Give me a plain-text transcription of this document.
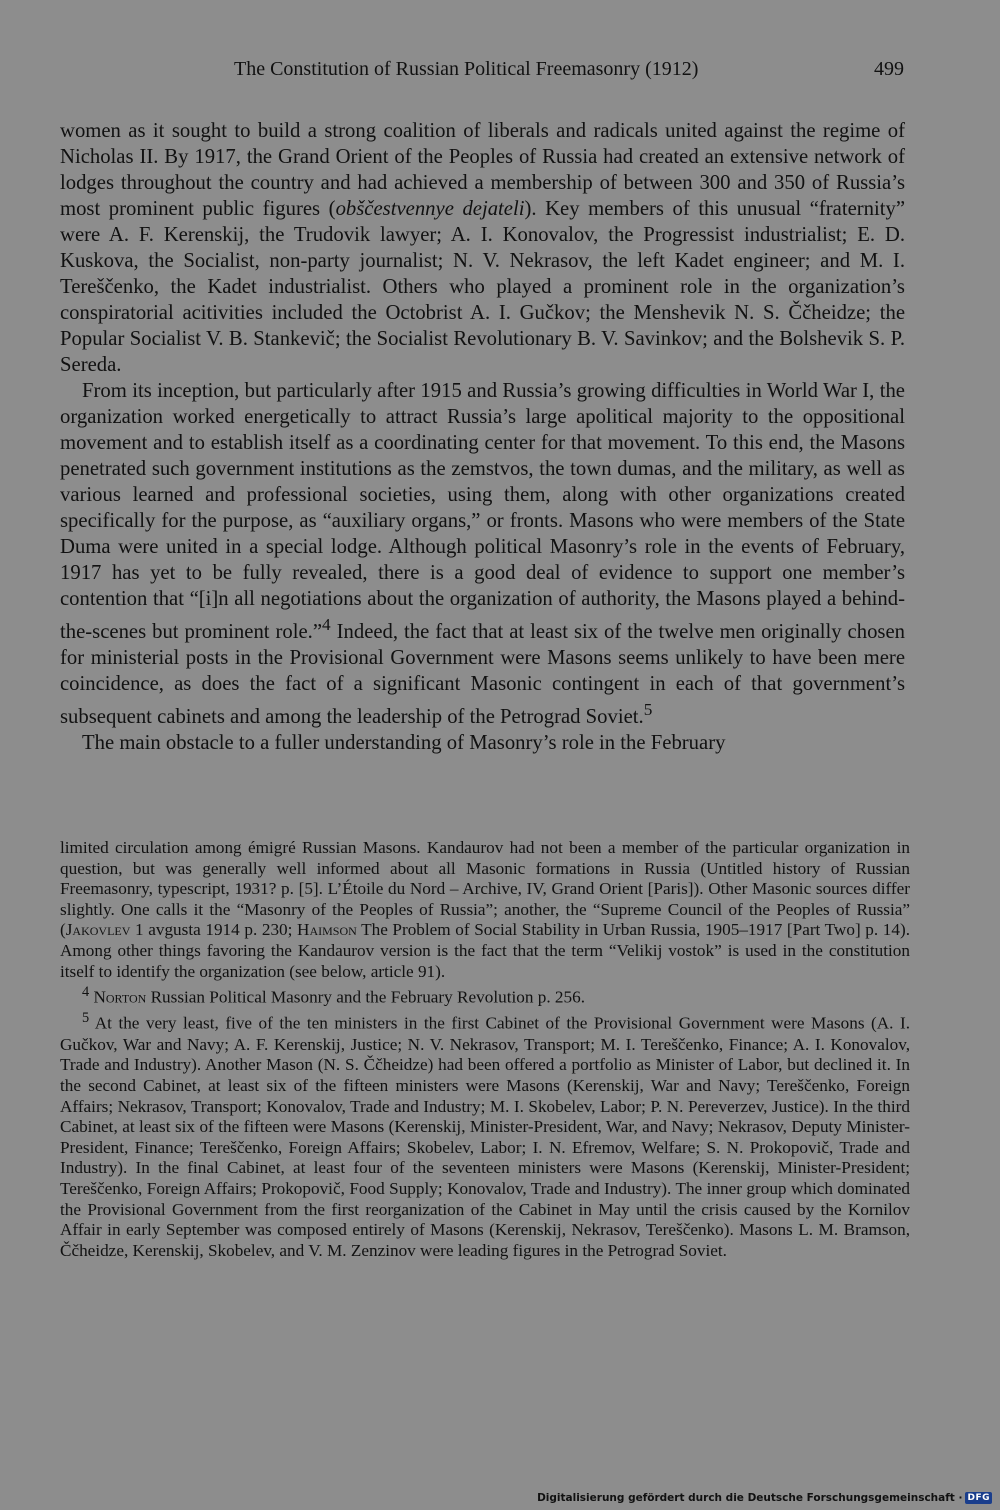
The Constitution of Russian Political Freemasonry (1912)	499

women as it sought to build a strong coalition of liberals and radicals united against the regime of Nicholas II. By 1917, the Grand Orient of the Peoples of Russia had created an extensive network of lodges throughout the country and had achieved a membership of between 300 and 350 of Russia’s most prominent public figures (obščestvennye dejateli). Key members of this unusual “fraternity” were A. F. Kerenskij, the Trudovik lawyer; A. I. Konovalov, the Progressist industrialist; E. D. Kuskova, the Socialist, non-party journalist; N. V. Nekrasov, the left Kadet engineer; and M. I. Tereščenko, the Kadet industrialist. Others who played a prominent role in the organization’s conspiratorial acitivities included the Octobrist A. I. Gučkov; the Menshevik N. S. Ččheidze; the Popular Socialist V. B. Stankevič; the Socialist Revolutionary B. V. Savinkov; and the Bolshevik S. P. Sereda.

From its inception, but particularly after 1915 and Russia’s growing difficulties in World War I, the organization worked energetically to attract Russia’s large apolitical majority to the oppositional movement and to establish itself as a coordinating center for that movement. To this end, the Masons penetrated such government institutions as the zemstvos, the town dumas, and the military, as well as various learned and professional societies, using them, along with other organizations created specifically for the purpose, as “auxiliary organs,” or fronts. Masons who were members of the State Duma were united in a special lodge. Although political Masonry’s role in the events of February, 1917 has yet to be fully revealed, there is a good deal of evidence to support one member’s contention that “[i]n all negotiations about the organization of authority, the Masons played a behind-the-scenes but prominent role.”$^4$ Indeed, the fact that at least six of the twelve men originally chosen for ministerial posts in the Provisional Government were Masons seems unlikely to have been mere coincidence, as does the fact of a significant Masonic contingent in each of that government’s subsequent cabinets and among the leadership of the Petrograd Soviet.$^5$

The main obstacle to a fuller understanding of Masonry’s role in the February

limited circulation among émigré Russian Masons. Kandaurov had not been a member of the particular organization in question, but was generally well informed about all Masonic formations in Russia (Untitled history of Russian Freemasonry, typescript, 1931? p. [5]. L’Étoile du Nord – Archive, IV, Grand Orient [Paris]). Other Masonic sources differ slightly. One calls it the “Masonry of the Peoples of Russia”; another, the “Supreme Council of the Peoples of Russia” (Jakovlev 1 avgusta 1914 p. 230; Haimson The Problem of Social Stability in Urban Russia, 1905–1917 [Part Two] p. 14). Among other things favoring the Kandaurov version is the fact that the term “Velikij vostok” is used in the constitution itself to identify the organization (see below, article 91).

$^4$ Norton Russian Political Masonry and the February Revolution p. 256.

$^5$ At the very least, five of the ten ministers in the first Cabinet of the Provisional Government were Masons (A. I. Gučkov, War and Navy; A. F. Kerenskij, Justice; N. V. Nekrasov, Transport; M. I. Tereščenko, Finance; A. I. Konovalov, Trade and Industry). Another Mason (N. S. Ččheidze) had been offered a portfolio as Minister of Labor, but declined it. In the second Cabinet, at least six of the fifteen ministers were Masons (Kerenskij, War and Navy; Tereščenko, Foreign Affairs; Nekrasov, Transport; Konovalov, Trade and Industry; M. I. Skobelev, Labor; P. N. Pereverzev, Justice). In the third Cabinet, at least six of the fifteen were Masons (Kerenskij, Minister-President, War, and Navy; Nekrasov, Deputy Minister-President, Finance; Tereščenko, Foreign Affairs; Skobelev, Labor; I. N. Efremov, Welfare; S. N. Prokopovič, Trade and Industry). In the final Cabinet, at least four of the seventeen ministers were Masons (Kerenskij, Minister-President; Tereščenko, Foreign Affairs; Prokopovič, Food Supply; Konovalov, Trade and Industry). The inner group which dominated the Provisional Government from the first reorganization of the Cabinet in May until the crisis caused by the Kornilov Affair in early September was composed entirely of Masons (Kerenskij, Nekrasov, Tereščenko). Masons L. M. Bramson, Ččheidze, Kerenskij, Skobelev, and V. M. Zenzinov were leading figures in the Petrograd Soviet.

Digitalisierung gefördert durch die Deutsche Forschungsgemeinschaft · DFG
